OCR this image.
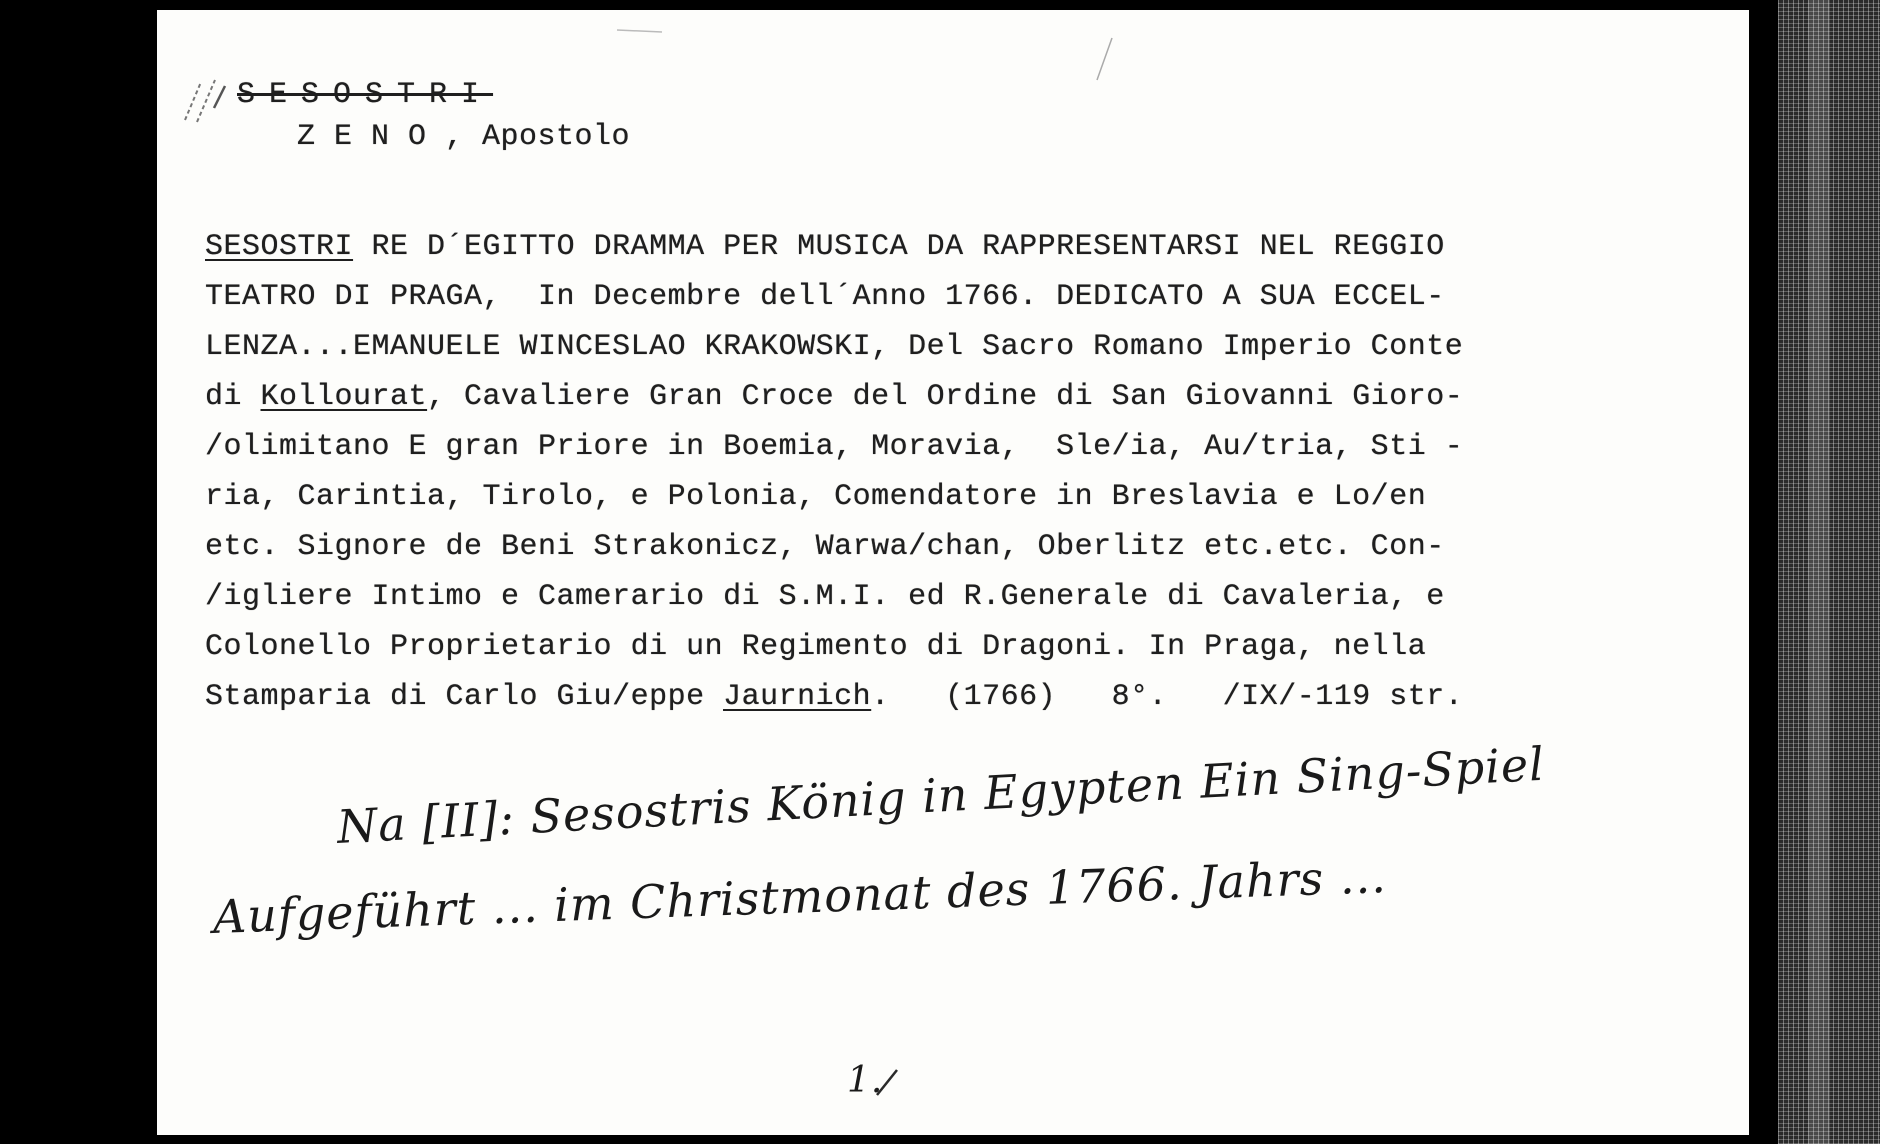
SESOSTRI
Z E N O , Apostolo
SESOSTRI RE D´EGITTO DRAMMA PER MUSICA DA RAPPRESENTARSI NEL REGGIO
TEATRO DI PRAGA,  In Decembre dell´Anno 1766. DEDICATO A SUA ECCEL-
LENZA...EMANUELE WINCESLAO KRAKOWSKI, Del Sacro Romano Imperio Conte
di Kollourat, Cavaliere Gran Croce del Ordine di San Giovanni Gioro-
/olimitano E gran Priore in Boemia, Moravia,  Sle/ia, Au/tria, Sti -
ria, Carintia, Tirolo, e Polonia, Comendatore in Breslavia e Lo/en
etc. Signore de Beni Strakonicz, Warwa/chan, Oberlitz etc.etc. Con-
/igliere Intimo e Camerario di S.M.I. ed R.Generale di Cavaleria, e
Colonello Proprietario di un Regimento di Dragoni. In Praga, nella
Stamparia di Carlo Giu/eppe Jaurnich.   (1766)   8°.   /IX/-119 str.
Na [II]: Sesostris König in Egypten Ein Sing-Spiel
Aufgeführt ... im Christmonat des 1766. Jahrs ...
1.
